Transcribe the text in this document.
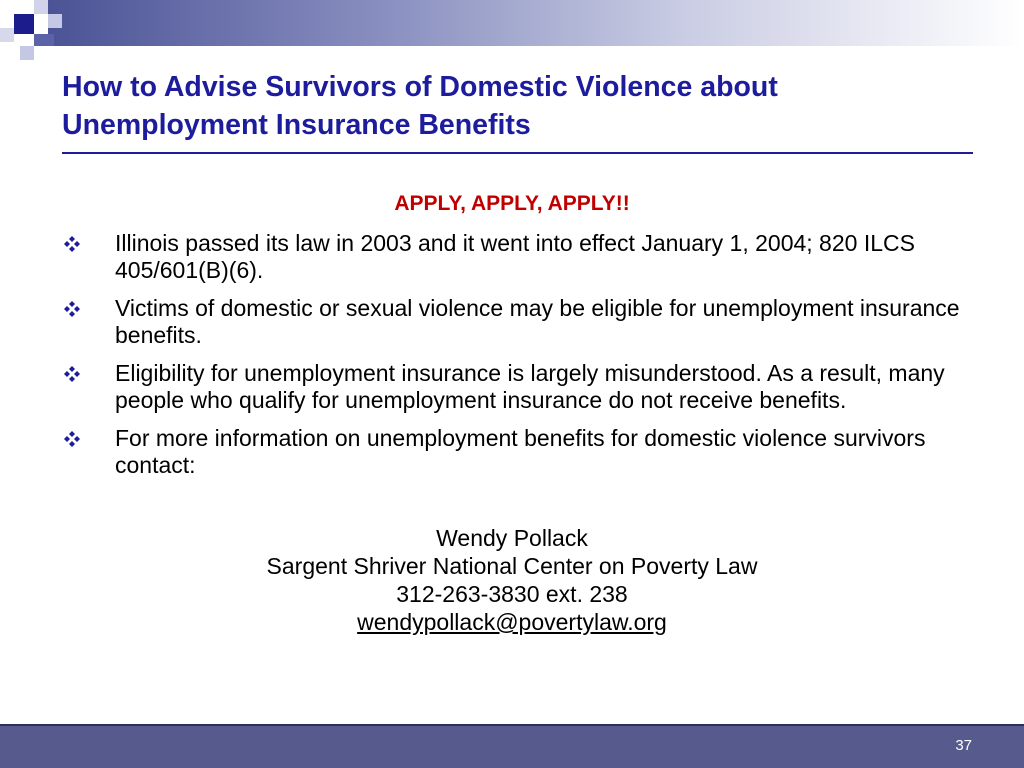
How to Advise Survivors of Domestic Violence about
Unemployment Insurance Benefits
APPLY, APPLY, APPLY!!
Illinois passed its law in 2003 and it went into effect January 1, 2004; 820 ILCS 405/601(B)(6).
Victims of domestic or sexual violence may be eligible for unemployment insurance benefits.
Eligibility for unemployment insurance is largely misunderstood. As a result, many people who qualify for unemployment insurance do not receive benefits.
For more information on unemployment benefits for domestic violence survivors contact:
Wendy Pollack
Sargent Shriver National Center on Poverty Law
312-263-3830 ext. 238
wendypollack@povertylaw.org
37
